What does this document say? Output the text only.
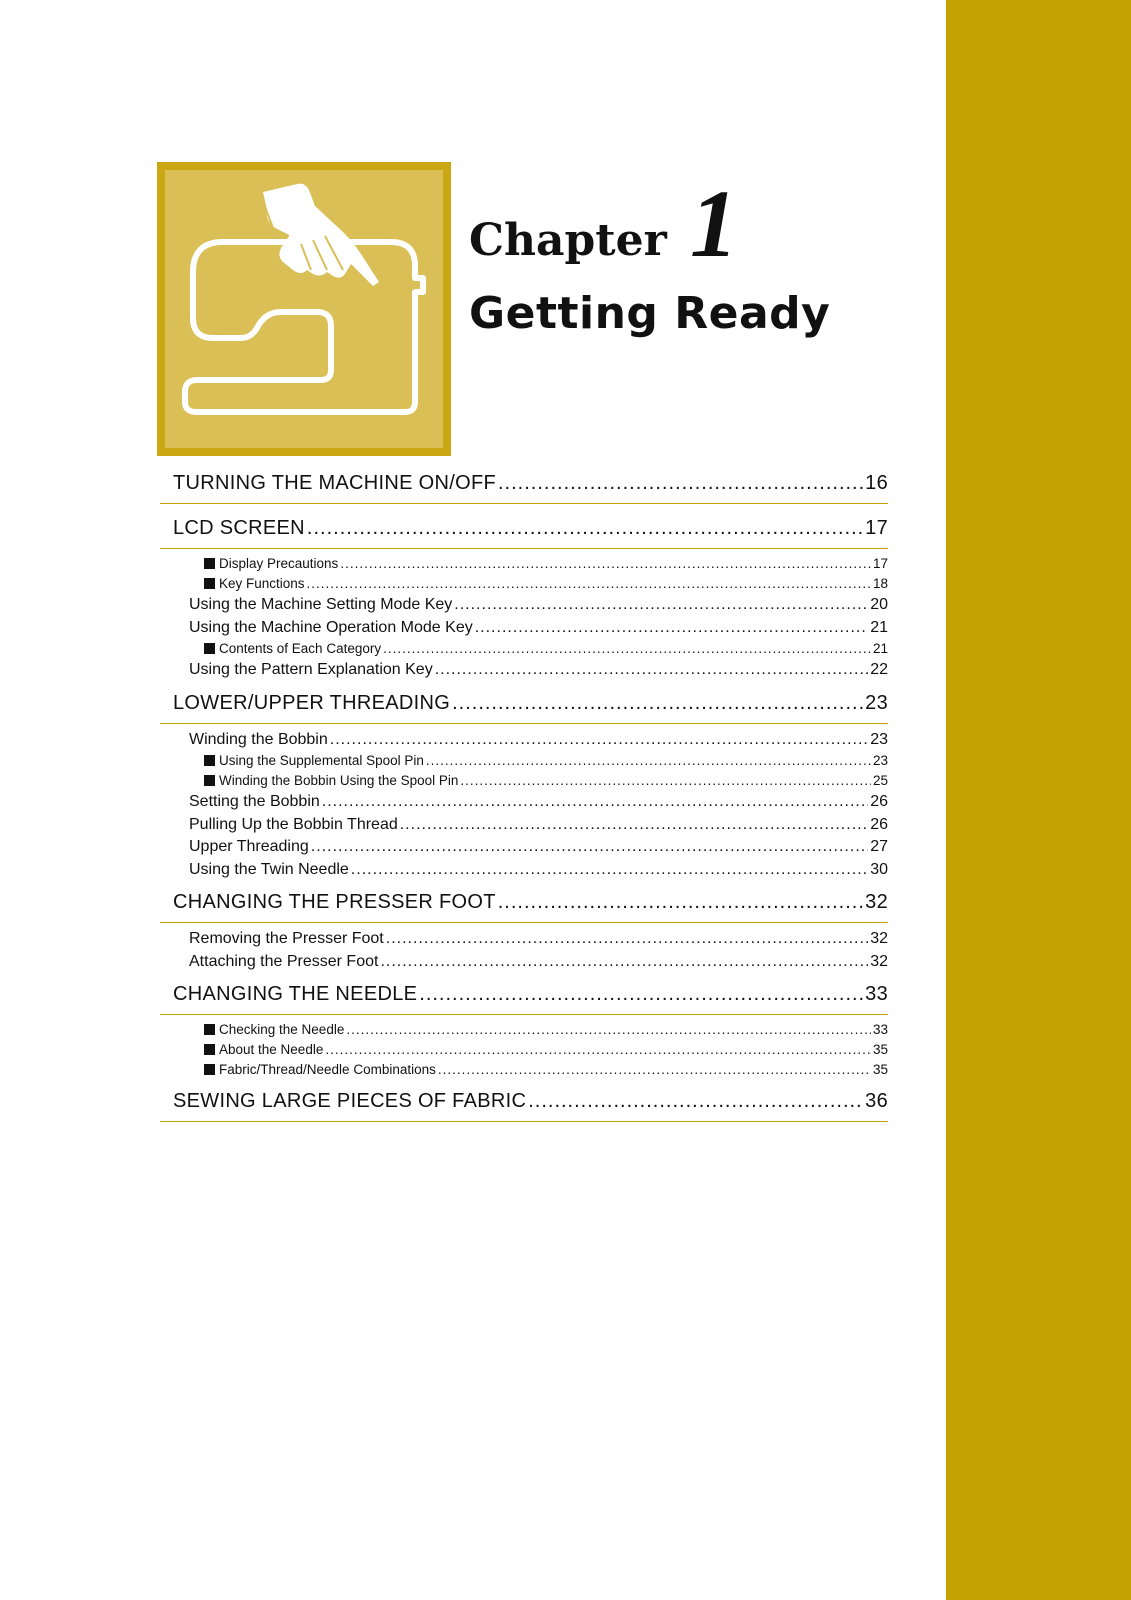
Chapter 1
Getting Ready
TURNING THE MACHINE ON/OFF .....	16
LCD SCREEN .....	17
Display Precautions .....	17
Key Functions .....	18
Using the Machine Setting Mode Key .....	20
Using the Machine Operation Mode Key .....	21
Contents of Each Category .....	21
Using the Pattern Explanation Key .....	22
LOWER/UPPER THREADING .....	23
Winding the Bobbin .....	23
Using the Supplemental Spool Pin .....	23
Winding the Bobbin Using the Spool Pin .....	25
Setting the Bobbin .....	26
Pulling Up the Bobbin Thread .....	26
Upper Threading .....	27
Using the Twin Needle .....	30
CHANGING THE PRESSER FOOT .....	32
Removing the Presser Foot .....	32
Attaching the Presser Foot .....	32
CHANGING THE NEEDLE .....	33
Checking the Needle .....	33
About the Needle .....	35
Fabric/Thread/Needle Combinations .....	35
SEWING LARGE PIECES OF FABRIC .....	36
